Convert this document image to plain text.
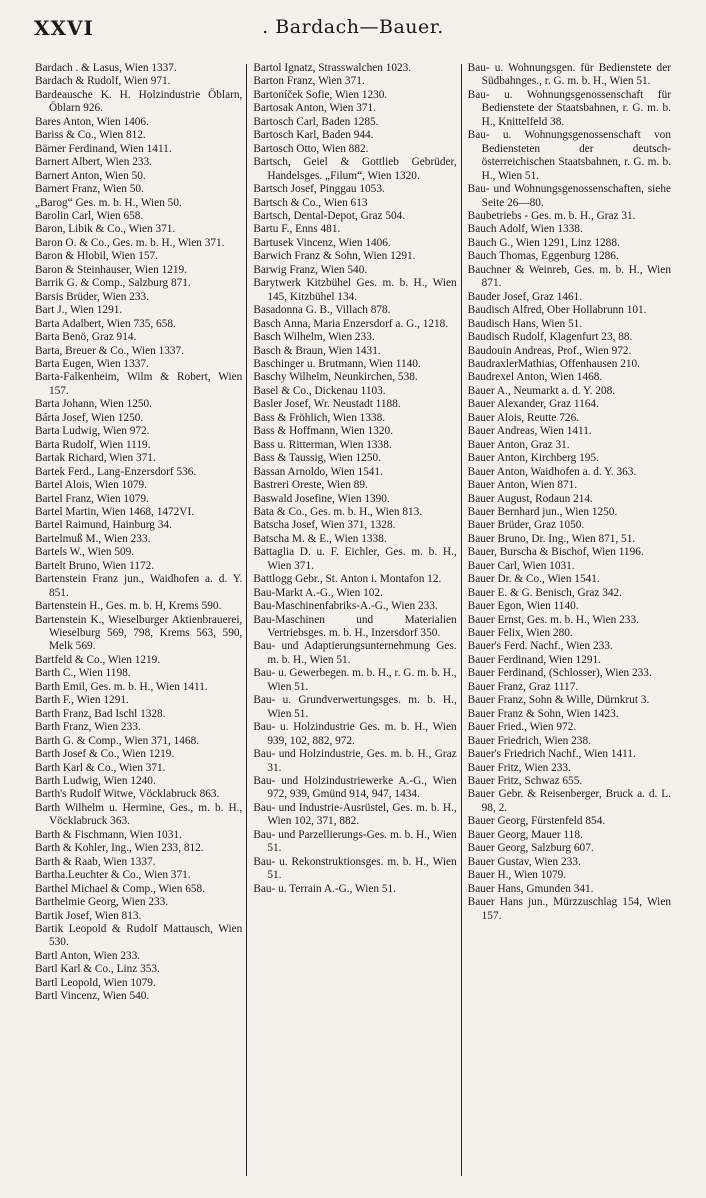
XXVI	. Bardach—Bauer.
Bardach . & Lasus, Wien 1337.
Bardach & Rudolf, Wien 971.
Bardeausche K. H. Holzindustrie Öblarn, Öblarn 926.
Bares Anton, Wien 1406.
Bariss & Co., Wien 812.
Bärner Ferdinand, Wien 1411.
Barnert Albert, Wien 233.
Barnert Anton, Wien 50.
Barnert Franz, Wien 50.
„Barog“ Ges. m. b. H., Wien 50.
Barolin Carl, Wien 658.
Baron, Libik & Co., Wien 371.
Baron O. & Co., Ges. m. b. H., Wien 371.
Baron & Hlobil, Wien 157.
Baron & Steinhauser, Wien 1219.
Barrik G. & Comp., Salzburg 871.
Barsis Brüder, Wien 233.
Bart J., Wien 1291.
Barta Adalbert, Wien 735, 658.
Barta Benö, Graz 914.
Barta, Breuer & Co., Wien 1337.
Barta Eugen, Wien 1337.
Barta-Falkenheim, Wilm & Robert, Wien 157.
Barta Johann, Wien 1250.
Bárta Josef, Wien 1250.
Barta Ludwig, Wien 972.
Barta Rudolf, Wien 1119.
Bartak Richard, Wien 371.
Bartek Ferd., Lang-Enzersdorf 536.
Bartel Alois, Wien 1079.
Bartel Franz, Wien 1079.
Bartel Martin, Wien 1468, 1472VI.
Bartel Raimund, Hainburg 34.
Bartelmuß M., Wien 233.
Bartels W., Wien 509.
Bartelt Bruno, Wien 1172.
Bartenstein Franz jun., Waidhofen a. d. Y. 851.
Bartenstein H., Ges. m. b. H, Krems 590.
Bartenstein K., Wieselburger Aktienbrauerei, Wieselburg 569, 798, Krems 563, 590, Melk 569.
Bartfeld & Co., Wien 1219.
Barth C., Wien 1198.
Barth Emil, Ges. m. b. H., Wien 1411.
Barth F., Wien 1291.
Barth Franz, Bad Ischl 1328.
Barth Franz, Wien 233.
Barth G. & Comp., Wien 371, 1468.
Barth Josef & Co., Wien 1219.
Barth Karl & Co., Wien 371.
Barth Ludwig, Wien 1240.
Barth's Rudolf Witwe, Vöcklabruck 863.
Barth Wilhelm u. Hermine, Ges., m. b. H., Vöcklabruck 363.
Barth & Fischmann, Wien 1031.
Barth & Kohler, Ing., Wien 233, 812.
Barth & Raab, Wien 1337.
Bartha.Leuchter & Co., Wien 371.
Barthel Michael & Comp., Wien 658.
Barthelmie Georg, Wien 233.
Bartik Josef, Wien 813.
Bartik Leopold & Rudolf Mattausch, Wien 530.
Bartl Anton, Wien 233.
Bartl Karl & Co., Linz 353.
Bartl Leopold, Wien 1079.
Bartl Vincenz, Wien 540.
Bartol Ignatz, Strasswalchen 1023.
Barton Franz, Wien 371.
Bartoníček Sofie, Wien 1230.
Bartosak Anton, Wien 371.
Bartosch Carl, Baden 1285.
Bartosch Karl, Baden 944.
Bartosch Otto, Wien 882.
Bartsch, Geiel & Gottlieb Gebrüder, Handelsges. „Filum“, Wien 1320.
Bartsch Josef, Pinggau 1053.
Bartsch & Co., Wien 613
Bartsch, Dental-Depot, Graz 504.
Bartu F., Enns 481.
Bartusek Vincenz, Wien 1406.
Barwich Franz & Sohn, Wien 1291.
Barwig Franz, Wien 540.
Barytwerk Kitzbühel Ges. m. b. H., Wien 145, Kitzbühel 134.
Basadonna G. B., Villach 878.
Basch Anna, Maria Enzersdorf a. G., 1218.
Basch Wilhelm, Wien 233.
Basch & Braun, Wien 1431.
Baschinger u. Brutmann, Wien 1140.
Baschy Wilhelm, Neunkirchen, 538.
Basel & Co., Dickenau 1103.
Basler Josef, Wr. Neustadt 1188.
Bass & Fröhlich, Wien 1338.
Bass & Hoffmann, Wien 1320.
Bass u. Ritterman, Wien 1338.
Bass & Taussig, Wien 1250.
Bassan Arnoldo, Wien 1541.
Bastreri Oreste, Wien 89.
Baswald Josefine, Wien 1390.
Bata & Co., Ges. m. b. H., Wien 813.
Batscha Josef, Wien 371, 1328.
Batscha M. & E., Wien 1338.
Battaglia D. u. F. Eichler, Ges. m. b. H., Wien 371.
Battlogg Gebr., St. Anton i. Montafon 12.
Bau-Markt A.-G., Wien 102.
Bau-Maschinenfabriks-A.-G., Wien 233.
Bau-Maschinen und Materialien Vertriebsges. m. b. H., Inzersdorf 350.
Bau- und Adaptierungsunternehmung Ges. m. b. H., Wien 51.
Bau- u. Gewerbegen. m. b. H., r. G. m. b. H., Wien 51.
Bau- u. Grundverwertungsges. m. b. H., Wien 51.
Bau- u. Holzindustrie Ges. m. b. H., Wien 939, 102, 882, 972.
Bau- und Holzindustrie, Ges. m. b. H., Graz 31.
Bau- und Holzindustriewerke A.-G., Wien 972, 939, Gmünd 914, 947, 1434.
Bau- und Industrie-Ausrüstel, Ges. m. b. H., Wien 102, 371, 882.
Bau- und Parzellierungs-Ges. m. b. H., Wien 51.
Bau- u. Rekonstruktionsges. m. b. H., Wien 51.
Bau- u. Terrain A.-G., Wien 51.
Bau- u. Wohnungsgen. für Bedienstete der Südbahnges., r. G. m. b. H., Wien 51.
Bau- u. Wohnungsgenossenschaft für Bedienstete der Staatsbahnen, r. G. m. b. H., Knittelfeld 38.
Bau- u. Wohnungsgenossenschaft von Bediensteten der deutsch-österreichischen Staatsbahnen, r. G. m. b. H., Wien 51.
Bau- und Wohnungsgenossenschaften, siehe Seite 26—80.
Baubetriebs - Ges. m. b. H., Graz 31.
Bauch Adolf, Wien 1338.
Bauch G., Wien 1291, Linz 1288.
Bauch Thomas, Eggenburg 1286.
Bauchner & Weinreb, Ges. m. b. H., Wien 871.
Bauder Josef, Graz 1461.
Baudisch Alfred, Ober Hollabrunn 101.
Baudisch Hans, Wien 51.
Baudisch Rudolf, Klagenfurt 23, 88.
Baudouin Andreas, Prof., Wien 972.
BaudraxlerMathias, Offenhausen 210.
Baudrexel Anton, Wien 1468.
Bauer A., Neumarkt a. d. Y. 208.
Bauer Alexander, Graz 1164.
Bauer Alois, Reutte 726.
Bauer Andreas, Wien 1411.
Bauer Anton, Graz 31.
Bauer Anton, Kirchberg 195.
Bauer Anton, Waidhofen a. d. Y. 363.
Bauer Anton, Wien 871.
Bauer August, Rodaun 214.
Bauer Bernhard jun., Wien 1250.
Bauer Brüder, Graz 1050.
Bauer Bruno, Dr. Ing., Wien 871, 51.
Bauer, Burscha & Bischof, Wien 1196.
Bauer Carl, Wien 1031.
Bauer Dr. & Co., Wien 1541.
Bauer E. & G. Benisch, Graz 342.
Bauer Egon, Wien 1140.
Bauer Ernst, Ges. m. b. H., Wien 233.
Bauer Felix, Wien 280.
Bauer's Ferd. Nachf., Wien 233.
Bauer Ferdinand, Wien 1291.
Bauer Ferdinand, (Schlosser), Wien 233.
Bauer Franz, Graz 1117.
Bauer Franz, Sohn & Wille, Dürnkrut 3.
Bauer Franz & Sohn, Wien 1423.
Bauer Fried., Wien 972.
Bauer Friedrich, Wien 238.
Bauer's Friedrich Nachf., Wien 1411.
Bauer Fritz, Wien 233.
Bauer Fritz, Schwaz 655.
Bauer Gebr. & Reisenberger, Bruck a. d. L. 98, 2.
Bauer Georg, Fürstenfeld 854.
Bauer Georg, Mauer 118.
Bauer Georg, Salzburg 607.
Bauer Gustav, Wien 233.
Bauer H., Wien 1079.
Bauer Hans, Gmunden 341.
Bauer Hans jun., Mürzzuschlag 154, Wien 157.
